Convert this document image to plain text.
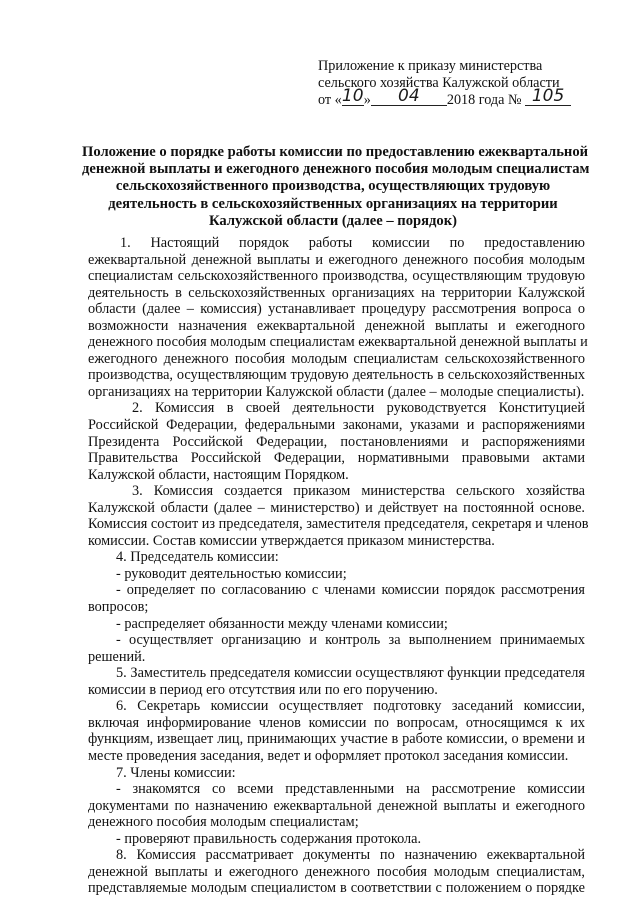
Приложение к приказу министерства
сельского хозяйства Калужской области
от «10» 04 2018 года № 105
Положение о порядке работы комиссии по предоставлению ежеквартальной
денежной выплаты и ежегодного денежного пособия молодым специалистам
сельскохозяйственного производства, осуществляющих трудовую
деятельность в сельскохозяйственных организациях на территории
Калужской области (далее – порядок)
1. Настоящий порядок работы комиссии по предоставлению
ежеквартальной денежной выплаты и ежегодного денежного пособия молодым
специалистам сельскохозяйственного производства, осуществляющим трудовую
деятельность в сельскохозяйственных организациях на территории Калужской
области (далее – комиссия) устанавливает процедуру рассмотрения вопроса о
возможности назначения ежеквартальной денежной выплаты и ежегодного
денежного пособия молодым специалистам ежеквартальной денежной выплаты и
ежегодного денежного пособия молодым специалистам сельскохозяйственного
производства, осуществляющим трудовую деятельность в сельскохозяйственных
организациях на территории Калужской области (далее – молодые специалисты).
2. Комиссия в своей деятельности руководствуется Конституцией
Российской Федерации, федеральными законами, указами и распоряжениями
Президента Российской Федерации, постановлениями и распоряжениями
Правительства Российской Федерации, нормативными правовыми актами
Калужской области, настоящим Порядком.
3. Комиссия создается приказом министерства сельского хозяйства
Калужской области (далее – министерство) и действует на постоянной основе.
Комиссия состоит из председателя, заместителя председателя, секретаря и членов
комиссии. Состав комиссии утверждается приказом министерства.
4. Председатель комиссии:
- руководит деятельностью комиссии;
- определяет по согласованию с членами комиссии порядок рассмотрения
вопросов;
- распределяет обязанности между членами комиссии;
- осуществляет организацию и контроль за выполнением принимаемых
решений.
5. Заместитель председателя комиссии осуществляют функции председателя
комиссии в период его отсутствия или по его поручению.
6. Секретарь комиссии осуществляет подготовку заседаний комиссии,
включая информирование членов комиссии по вопросам, относящимся к их
функциям, извещает лиц, принимающих участие в работе комиссии, о времени и
месте проведения заседания, ведет и оформляет протокол заседания комиссии.
7. Члены комиссии:
- знакомятся со всеми представленными на рассмотрение комиссии
документами по назначению ежеквартальной денежной выплаты и ежегодного
денежного пособия молодым специалистам;
- проверяют правильность содержания протокола.
8. Комиссия рассматривает документы по назначению ежеквартальной
денежной выплаты и ежегодного денежного пособия молодым специалистам,
представляемые молодым специалистом в соответствии с положением о порядке
